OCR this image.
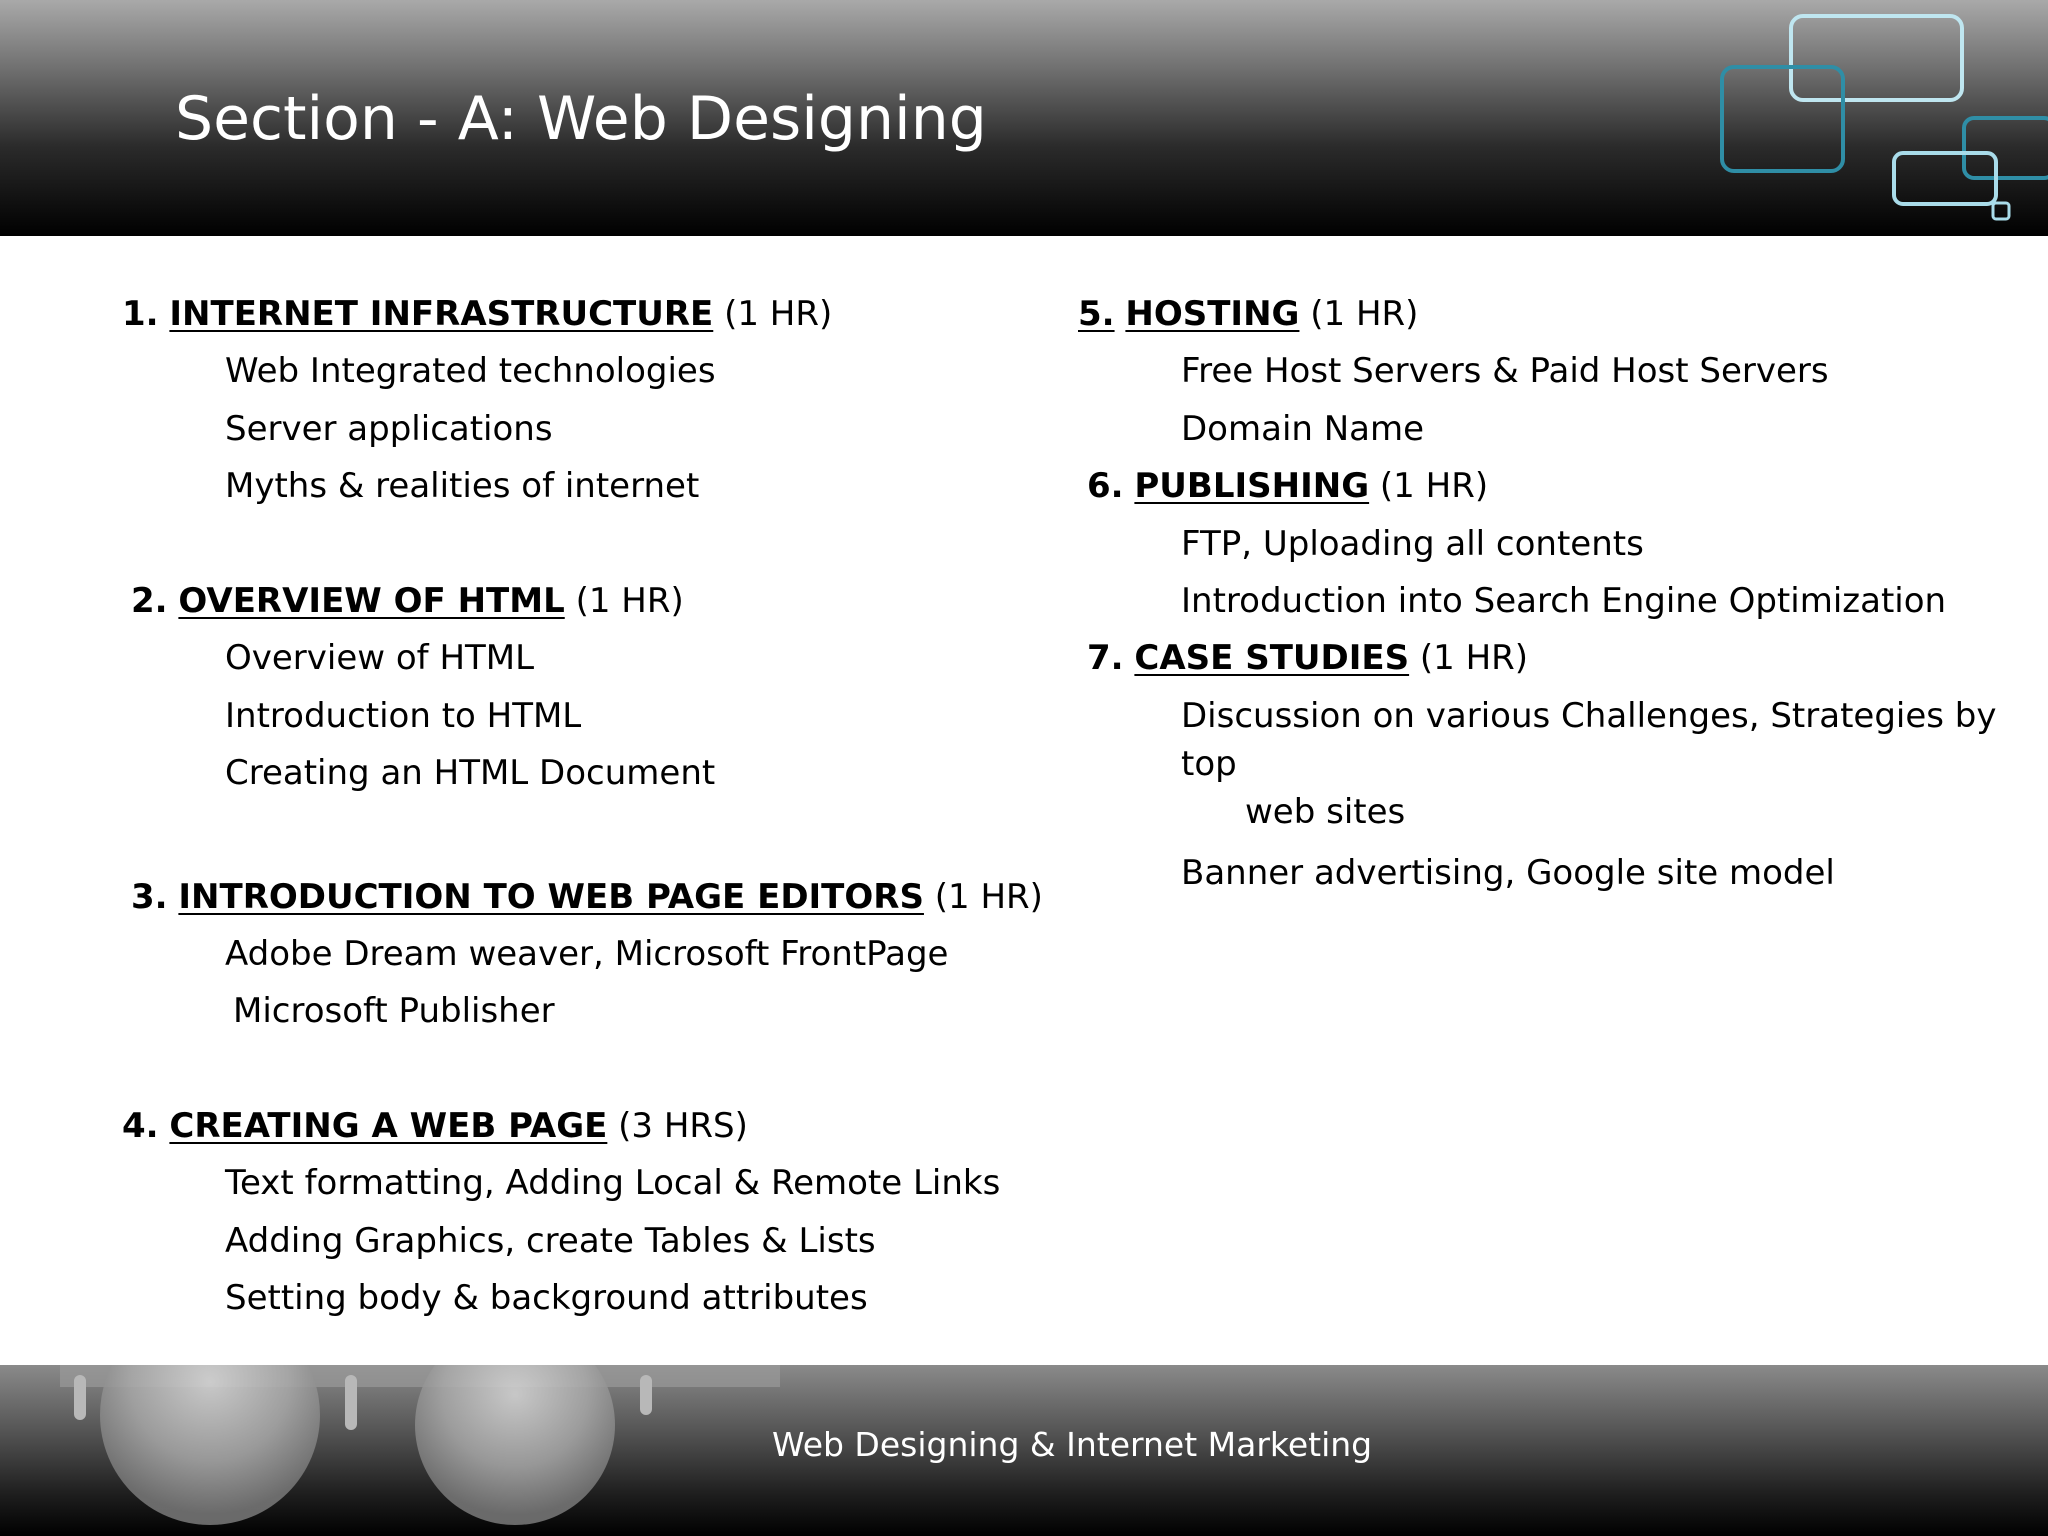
Section - A: Web Designing
1. INTERNET INFRASTRUCTURE (1 HR)
Web Integrated technologies
Server applications
Myths & realities of internet
2. OVERVIEW OF HTML (1 HR)
Overview of HTML
Introduction to HTML
Creating an HTML Document
3. INTRODUCTION TO WEB PAGE EDITORS (1 HR)
Adobe Dream weaver, Microsoft FrontPage
Microsoft Publisher
4. CREATING A WEB PAGE (3 HRS)
Text formatting, Adding Local & Remote Links
Adding Graphics, create Tables & Lists
Setting body & background attributes
5. HOSTING (1 HR)
Free Host Servers & Paid Host Servers
Domain Name
6. PUBLISHING (1 HR)
FTP, Uploading all contents
Introduction into Search Engine Optimization
7. CASE STUDIES (1 HR)
Discussion on various Challenges, Strategies by top
web sites
Banner advertising, Google site model
Web Designing & Internet Marketing
